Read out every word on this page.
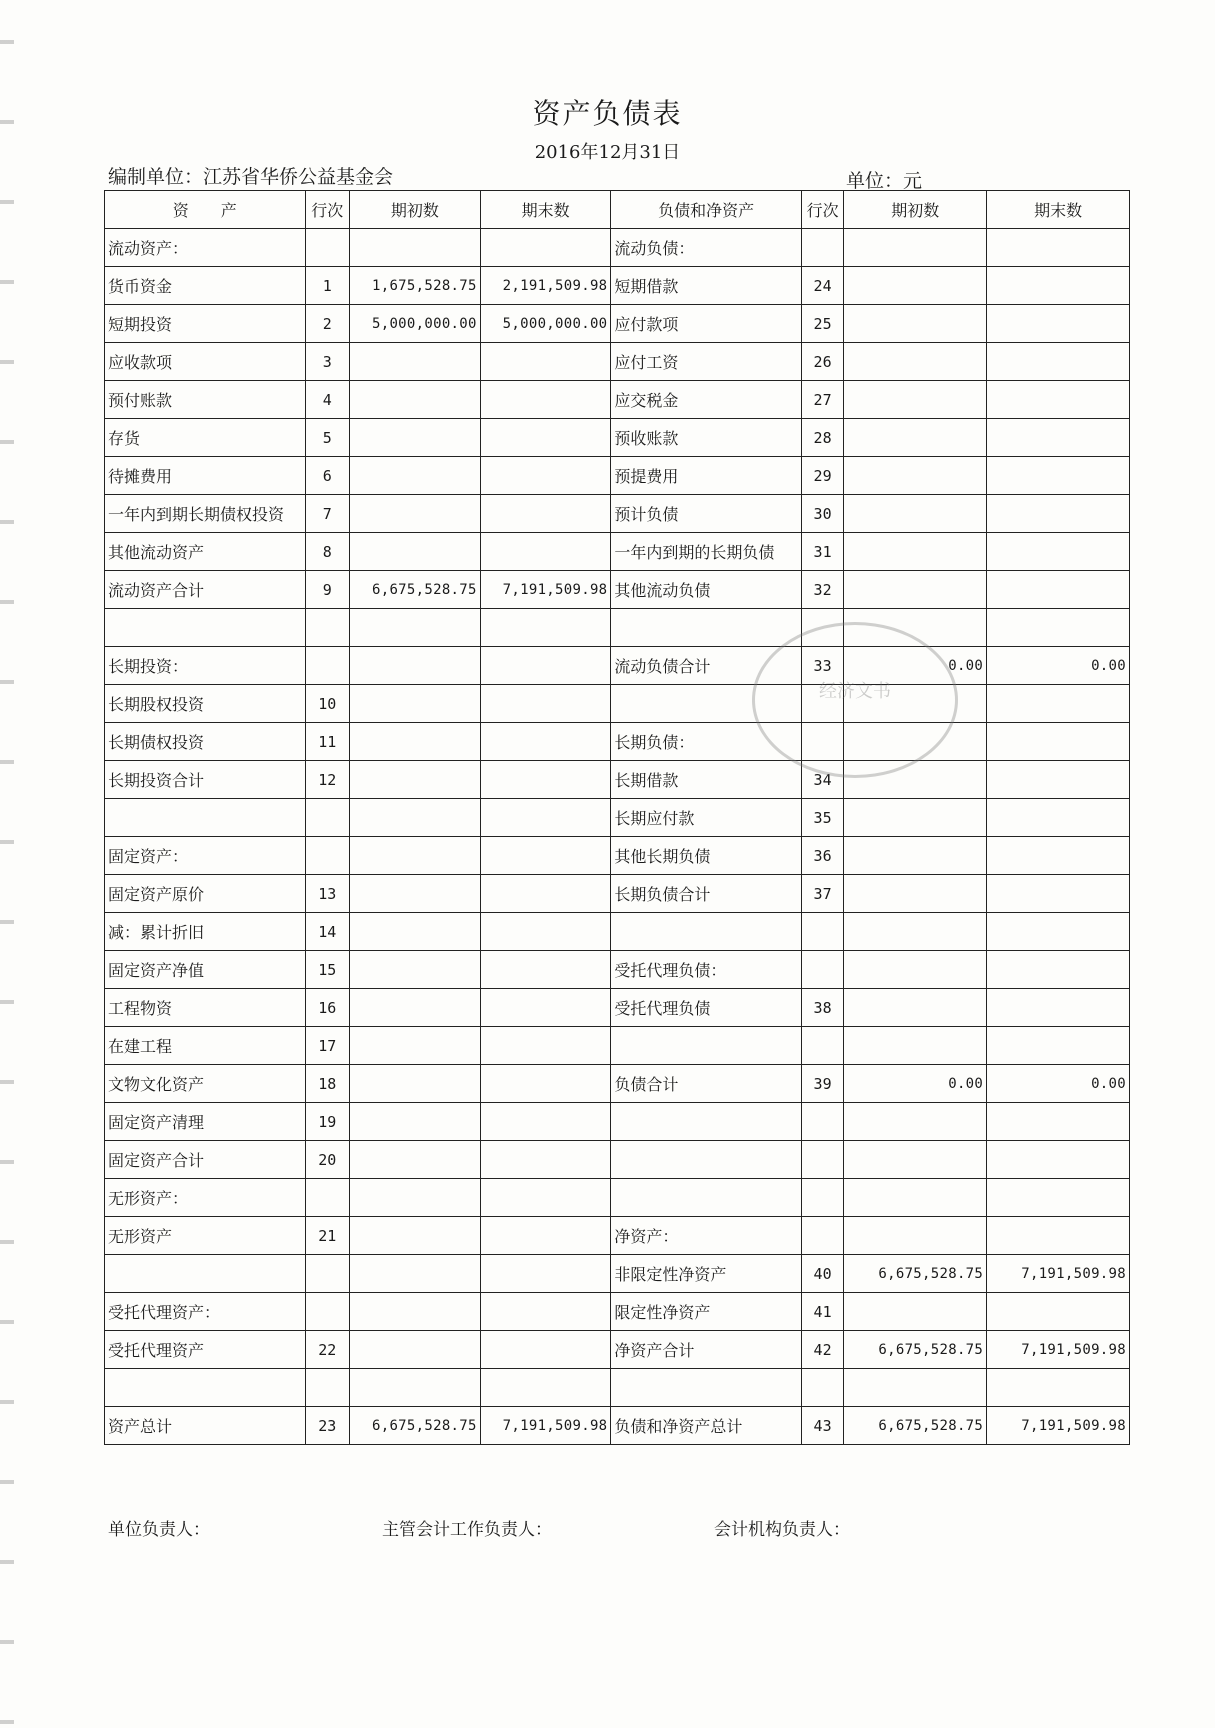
资产负债表
2016年12月31日
编制单位：江苏省华侨公益基金会	单位：元
资　　产	行次	期初数	期末数	负债和净资产	行次	期初数	期末数
流动资产：				流动负债：			
货币资金	1	1,675,528.75	2,191,509.98	短期借款	24		
短期投资	2	5,000,000.00	5,000,000.00	应付款项	25		
应收款项	3			应付工资	26		
预付账款	4			应交税金	27		
存货	5			预收账款	28		
待摊费用	6			预提费用	29		
一年内到期长期债权投资	7			预计负债	30		
其他流动资产	8			一年内到期的长期负债	31		
流动资产合计	9	6,675,528.75	7,191,509.98	其他流动负债	32		

长期投资：				流动负债合计	33	0.00	0.00
长期股权投资	10						
长期债权投资	11			长期负债：			
长期投资合计	12			长期借款	34		
				长期应付款	35		
固定资产：				其他长期负债	36		
固定资产原价	13			长期负债合计	37		
减：累计折旧	14						
固定资产净值	15			受托代理负债：			
工程物资	16			受托代理负债	38		
在建工程	17						
文物文化资产	18			负债合计	39	0.00	0.00
固定资产清理	19						
固定资产合计	20						
无形资产：							
无形资产	21			净资产：			
				非限定性净资产	40	6,675,528.75	7,191,509.98
受托代理资产：				限定性净资产	41		
受托代理资产	22			净资产合计	42	6,675,528.75	7,191,509.98

资产总计	23	6,675,528.75	7,191,509.98	负债和净资产总计	43	6,675,528.75	7,191,509.98
经济文书
单位负责人：	主管会计工作负责人：	会计机构负责人：
